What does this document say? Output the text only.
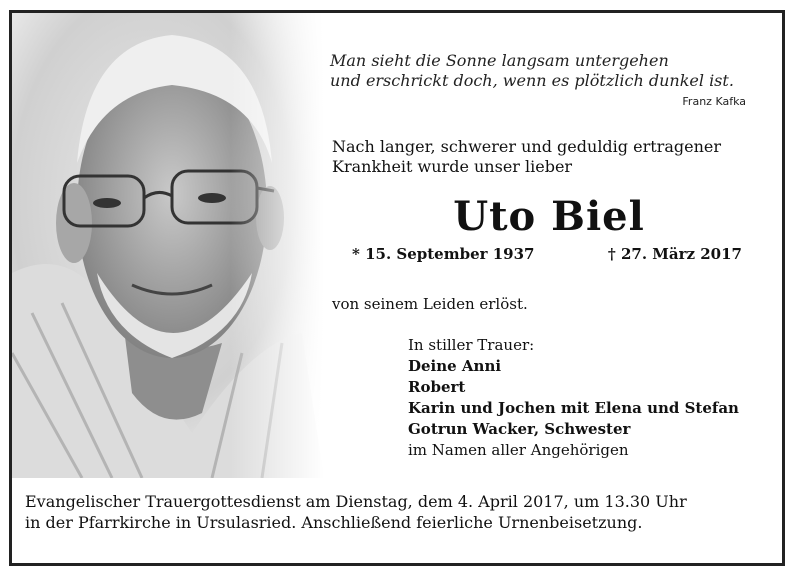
Man sieht die Sonne langsam untergehen
und erschrickt doch, wenn es plötzlich dunkel ist.
Franz Kafka
Nach langer, schwerer und geduldig ertragener
Krankheit wurde unser lieber
Uto Biel
* 15. September 1937	† 27. März 2017
von seinem Leiden erlöst.
In stiller Trauer:
Deine Anni
Robert
Karin und Jochen mit Elena und Stefan
Gotrun Wacker, Schwester
im Namen aller Angehörigen
Evangelischer Trauergottesdienst am Dienstag, dem 4. April 2017, um 13.30 Uhr
in der Pfarrkirche in Ursulasried. Anschließend feierliche Urnenbeisetzung.
